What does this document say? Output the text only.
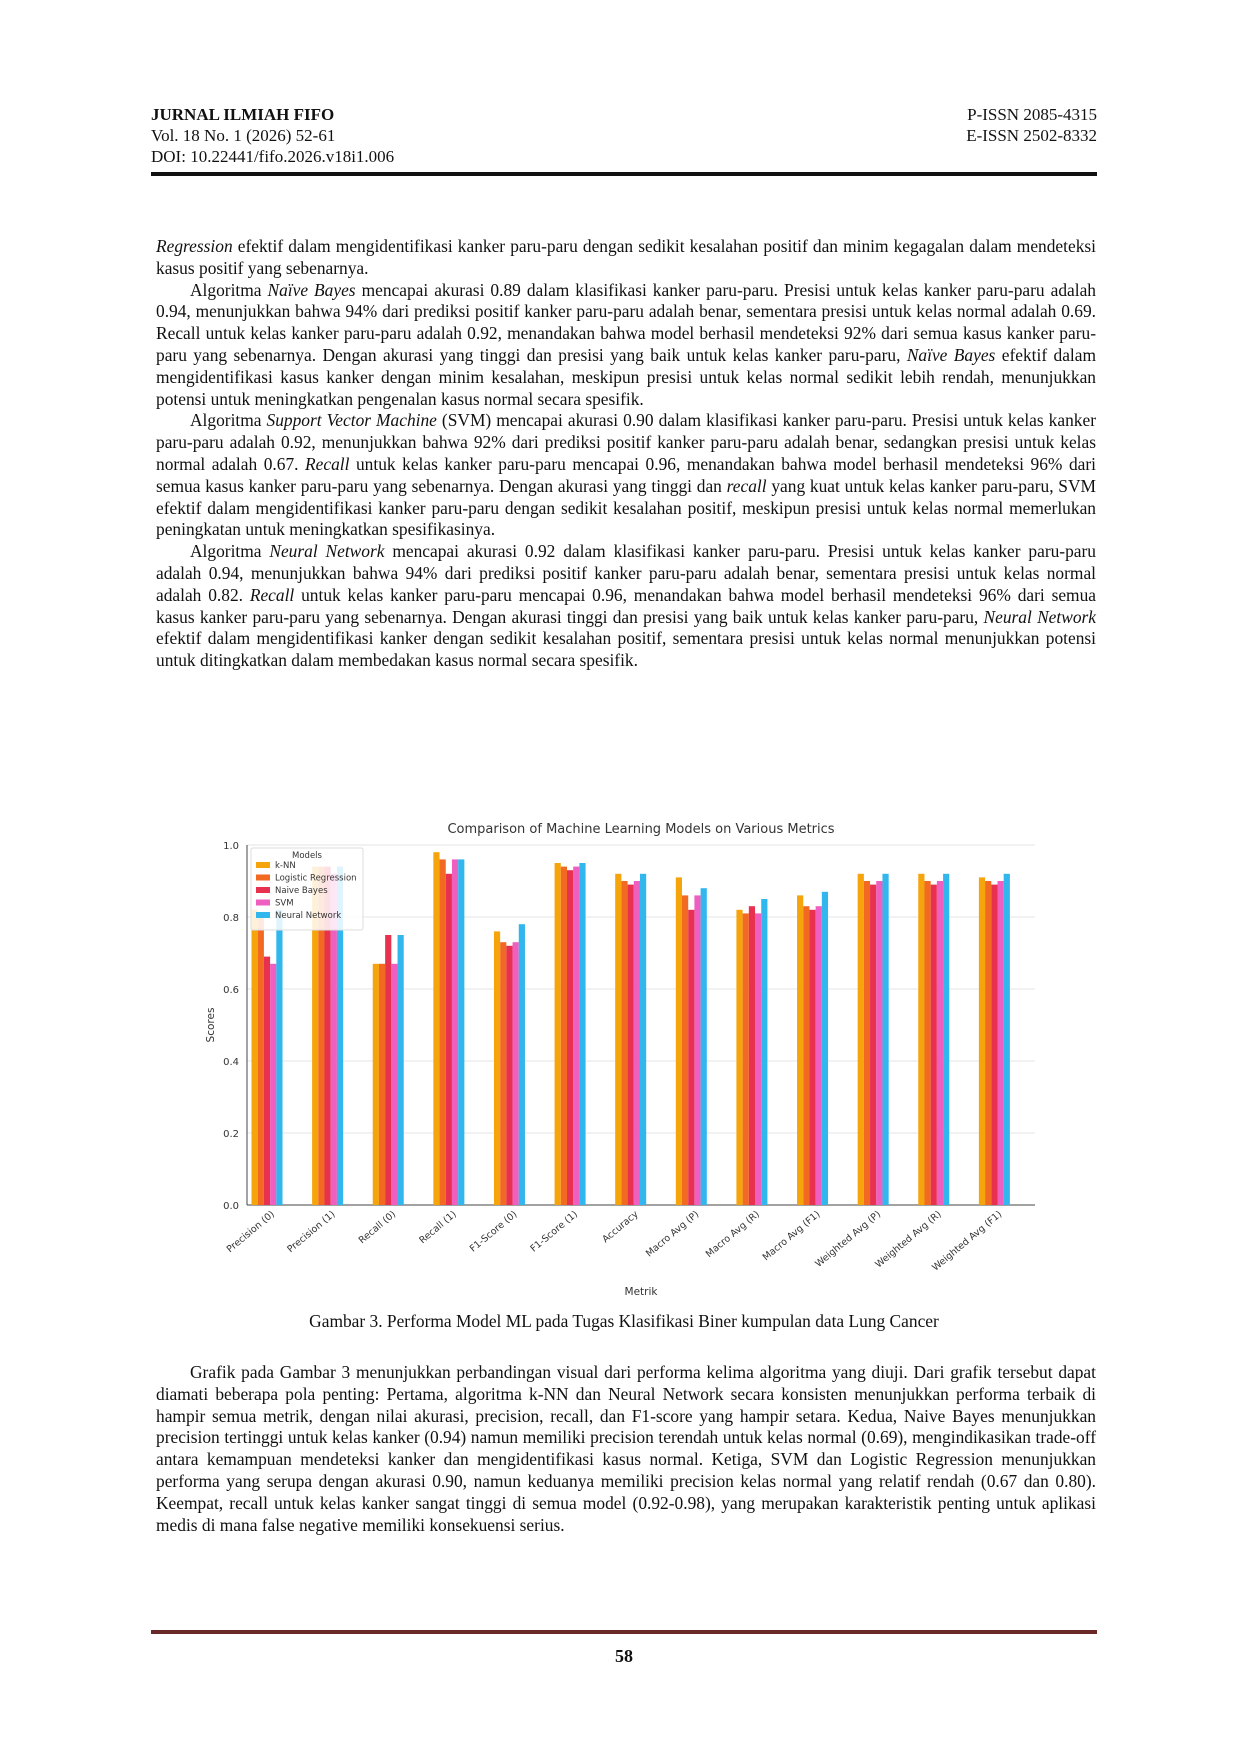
JURNAL ILMIAH FIFO
Vol. 18 No. 1 (2026) 52-61
DOI: 10.22441/fifo.2026.v18i1.006
P-ISSN 2085-4315
E-ISSN 2502-8332

Regression efektif dalam mengidentifikasi kanker paru-paru dengan sedikit kesalahan positif dan minim kegagalan dalam mendeteksi kasus positif yang sebenarnya.

Algoritma Naïve Bayes mencapai akurasi 0.89 dalam klasifikasi kanker paru-paru. Presisi untuk kelas kanker paru-paru adalah 0.94, menunjukkan bahwa 94% dari prediksi positif kanker paru-paru adalah benar, sementara presisi untuk kelas normal adalah 0.69. Recall untuk kelas kanker paru-paru adalah 0.92, menandakan bahwa model berhasil mendeteksi 92% dari semua kasus kanker paru-paru yang sebenarnya. Dengan akurasi yang tinggi dan presisi yang baik untuk kelas kanker paru-paru, Naïve Bayes efektif dalam mengidentifikasi kasus kanker dengan minim kesalahan, meskipun presisi untuk kelas normal sedikit lebih rendah, menunjukkan potensi untuk meningkatkan pengenalan kasus normal secara spesifik.

Algoritma Support Vector Machine (SVM) mencapai akurasi 0.90 dalam klasifikasi kanker paru-paru. Presisi untuk kelas kanker paru-paru adalah 0.92, menunjukkan bahwa 92% dari prediksi positif kanker paru-paru adalah benar, sedangkan presisi untuk kelas normal adalah 0.67. Recall untuk kelas kanker paru-paru mencapai 0.96, menandakan bahwa model berhasil mendeteksi 96% dari semua kasus kanker paru-paru yang sebenarnya. Dengan akurasi yang tinggi dan recall yang kuat untuk kelas kanker paru-paru, SVM efektif dalam mengidentifikasi kanker paru-paru dengan sedikit kesalahan positif, meskipun presisi untuk kelas normal memerlukan peningkatan untuk meningkatkan spesifikasinya.

Algoritma Neural Network mencapai akurasi 0.92 dalam klasifikasi kanker paru-paru. Presisi untuk kelas kanker paru-paru adalah 0.94, menunjukkan bahwa 94% dari prediksi positif kanker paru-paru adalah benar, sementara presisi untuk kelas normal adalah 0.82. Recall untuk kelas kanker paru-paru mencapai 0.96, menandakan bahwa model berhasil mendeteksi 96% dari semua kasus kanker paru-paru yang sebenarnya. Dengan akurasi tinggi dan presisi yang baik untuk kelas kanker paru-paru, Neural Network efektif dalam mengidentifikasi kanker dengan sedikit kesalahan positif, sementara presisi untuk kelas normal menunjukkan potensi untuk ditingkatkan dalam membedakan kasus normal secara spesifik.

Comparison of Machine Learning Models on Various Metrics
0.0
0.2
0.4
0.6
0.8
1.0
Precision (0) Precision (1) Recall (0) Recall (1) F1-Score (0) F1-Score (1) Accuracy Macro Avg (P) Macro Avg (R)
Macro Avg (F1)
Weighted Avg (P)
Weighted Avg (R)
Weighted Avg (F1)
Metrik
Scores
Models
k-NN
Logistic Regression
Naive Bayes
SVM
Neural Network
Gambar 3. Performa Model ML pada Tugas Klasifikasi Biner kumpulan data Lung Cancer

Grafik pada Gambar 3 menunjukkan perbandingan visual dari performa kelima algoritma yang diuji. Dari grafik tersebut dapat diamati beberapa pola penting: Pertama, algoritma k-NN dan Neural Network secara konsisten menunjukkan performa terbaik di hampir semua metrik, dengan nilai akurasi, precision, recall, dan F1-score yang hampir setara. Kedua, Naive Bayes menunjukkan precision tertinggi untuk kelas kanker (0.94) namun memiliki precision terendah untuk kelas normal (0.69), mengindikasikan trade-off antara kemampuan mendeteksi kanker dan mengidentifikasi kasus normal. Ketiga, SVM dan Logistic Regression menunjukkan performa yang serupa dengan akurasi 0.90, namun keduanya memiliki precision kelas normal yang relatif rendah (0.67 dan 0.80). Keempat, recall untuk kelas kanker sangat tinggi di semua model (0.92-0.98), yang merupakan karakteristik penting untuk aplikasi medis di mana false negative memiliki konsekuensi serius.

58
